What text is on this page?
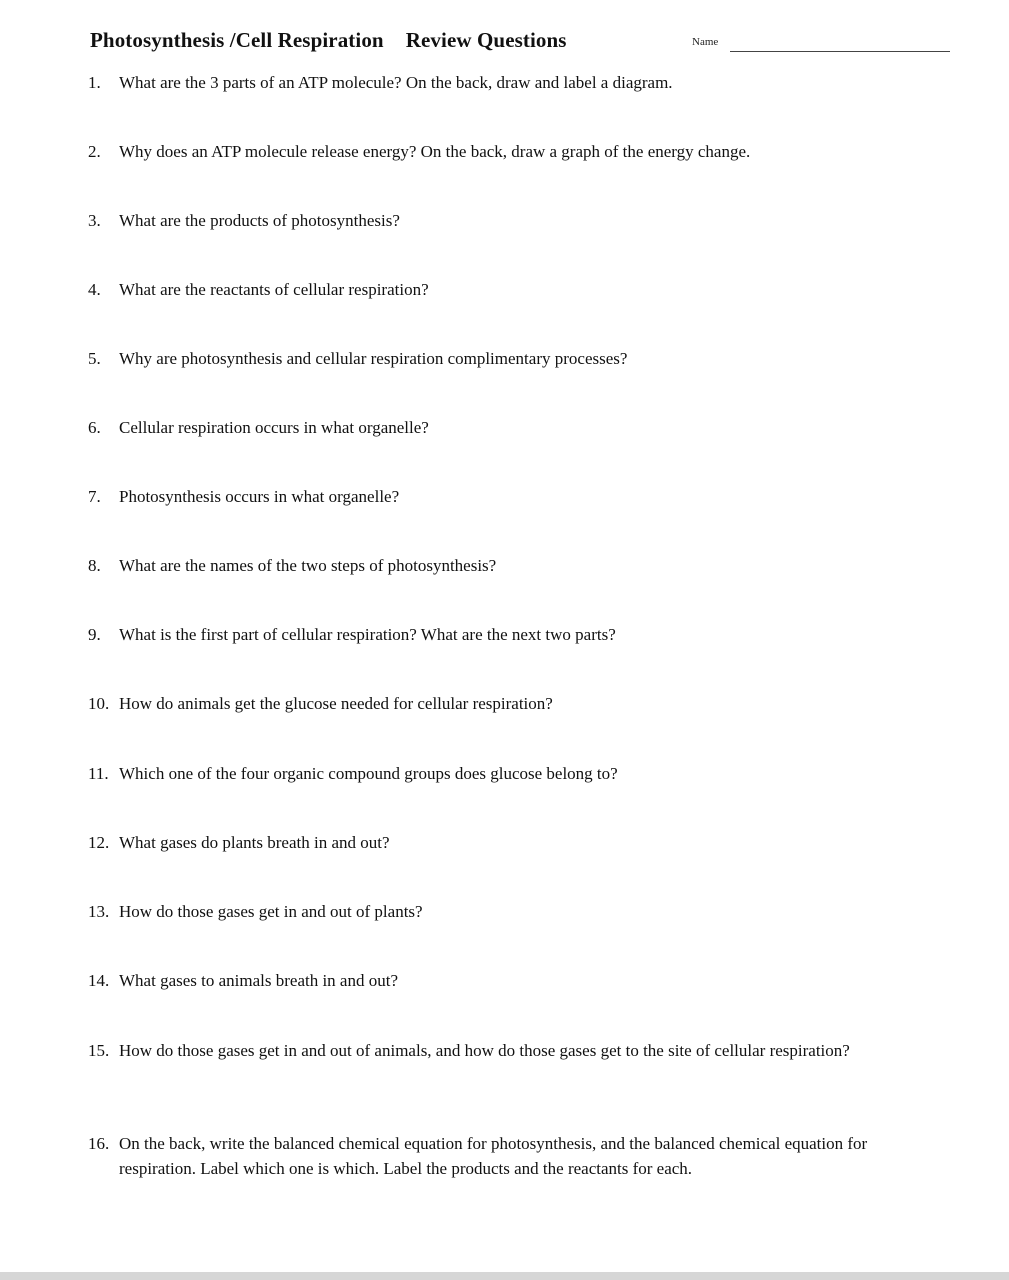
Photosynthesis /Cell Respiration Review Questions	Name
1.	What are the 3 parts of an ATP molecule? On the back, draw and label a diagram.
2.	Why does an ATP molecule release energy? On the back, draw a graph of the energy change.
3.	What are the products of photosynthesis?
4.	What are the reactants of cellular respiration?
5.	Why are photosynthesis and cellular respiration complimentary processes?
6.	Cellular respiration occurs in what organelle?
7.	Photosynthesis occurs in what organelle?
8.	What are the names of the two steps of photosynthesis?
9.	What is the first part of cellular respiration? What are the next two parts?
10. How do animals get the glucose needed for cellular respiration?
11. Which one of the four organic compound groups does glucose belong to?
12. What gases do plants breath in and out?
13. How do those gases get in and out of plants?
14. What gases to animals breath in and out?
15. How do those gases get in and out of animals, and how do those gases get to the site of cellular respiration?
16. On the back, write the balanced chemical equation for photosynthesis, and the balanced chemical equation for respiration. Label which one is which. Label the products and the reactants for each.
